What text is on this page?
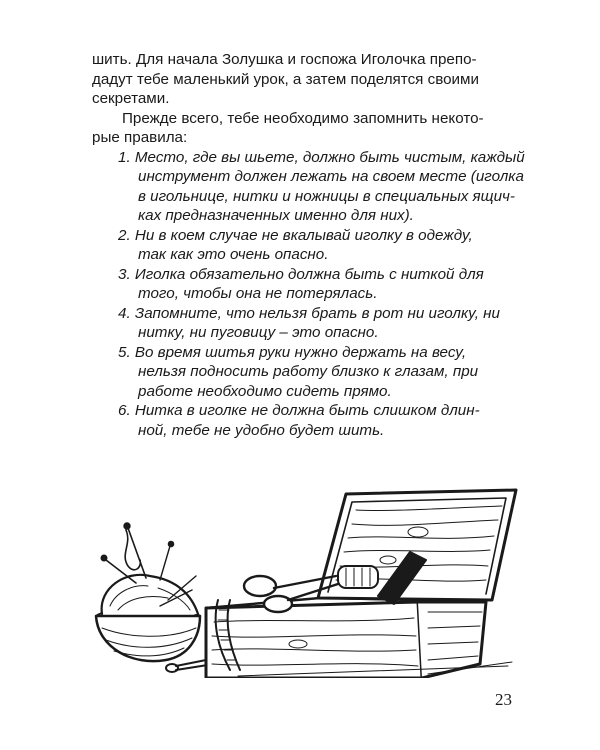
шить. Для начала Золушка и госпожа Иголочка препо-
дадут тебе маленький урок, а затем поделятся своими
секретами.

Прежде всего, тебе необходимо запомнить некото-
рые правила:

1. Место, где вы шьете, должно быть чистым, каждый
инструмент должен лежать на своем месте (иголка
в игольнице, нитки и ножницы в специальных ящич-
ках предназначенных именно для них).
2. Ни в коем случае не вкалывай иголку в одежду,
так как это очень опасно.
3. Иголка обязательно должна быть с ниткой для
того, чтобы она не потерялась.
4. Запомните, что нельзя брать в рот ни иголку, ни
нитку, ни пуговицу – это опасно.
5. Во время шитья руки нужно держать на весу,
нельзя подносить работу близко к глазам, при
работе необходимо сидеть прямо.
6. Нитка в иголке не должна быть слишком длин-
ной, тебе не удобно будет шить.
23
